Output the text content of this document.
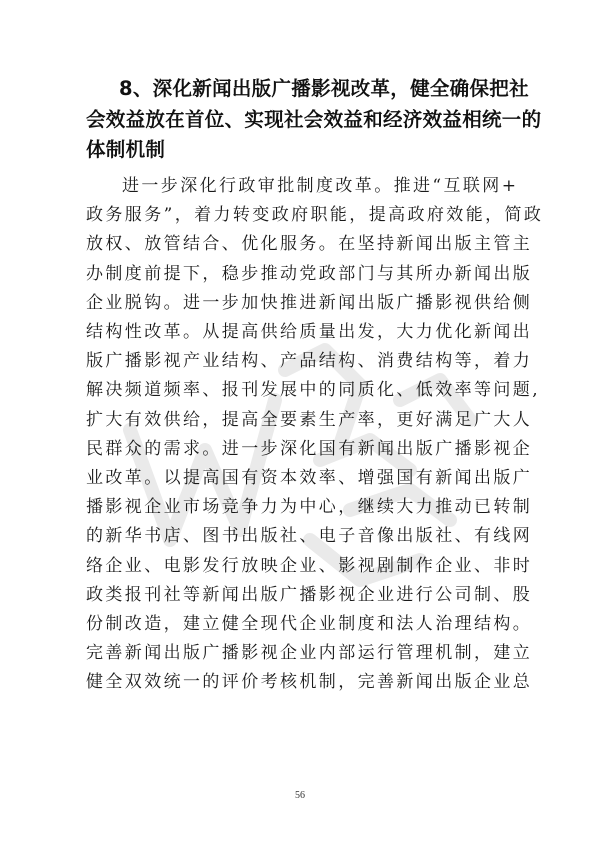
8、深化新闻出版广播影视改革，健全确保把社
会效益放在首位、实现社会效益和经济效益相统一的
体制机制

进一步深化行政审批制度改革。推进“互联网+
政务服务”，着力转变政府职能，提高政府效能，简政
放权、放管结合、优化服务。在坚持新闻出版主管主
办制度前提下，稳步推动党政部门与其所办新闻出版
企业脱钩。进一步加快推进新闻出版广播影视供给侧
结构性改革。从提高供给质量出发，大力优化新闻出
版广播影视产业结构、产品结构、消费结构等，着力
解决频道频率、报刊发展中的同质化、低效率等问题,
扩大有效供给，提高全要素生产率，更好满足广大人
民群众的需求。进一步深化国有新闻出版广播影视企
业改革。以提高国有资本效率、增强国有新闻出版广
播影视企业市场竞争力为中心，继续大力推动已转制
的新华书店、图书出版社、电子音像出版社、有线网
络企业、电影发行放映企业、影视剧制作企业、非时
政类报刊社等新闻出版广播影视企业进行公司制、股
份制改造，建立健全现代企业制度和法人治理结构。
完善新闻出版广播影视企业内部运行管理机制，建立
健全双效统一的评价考核机制，完善新闻出版企业总

56
